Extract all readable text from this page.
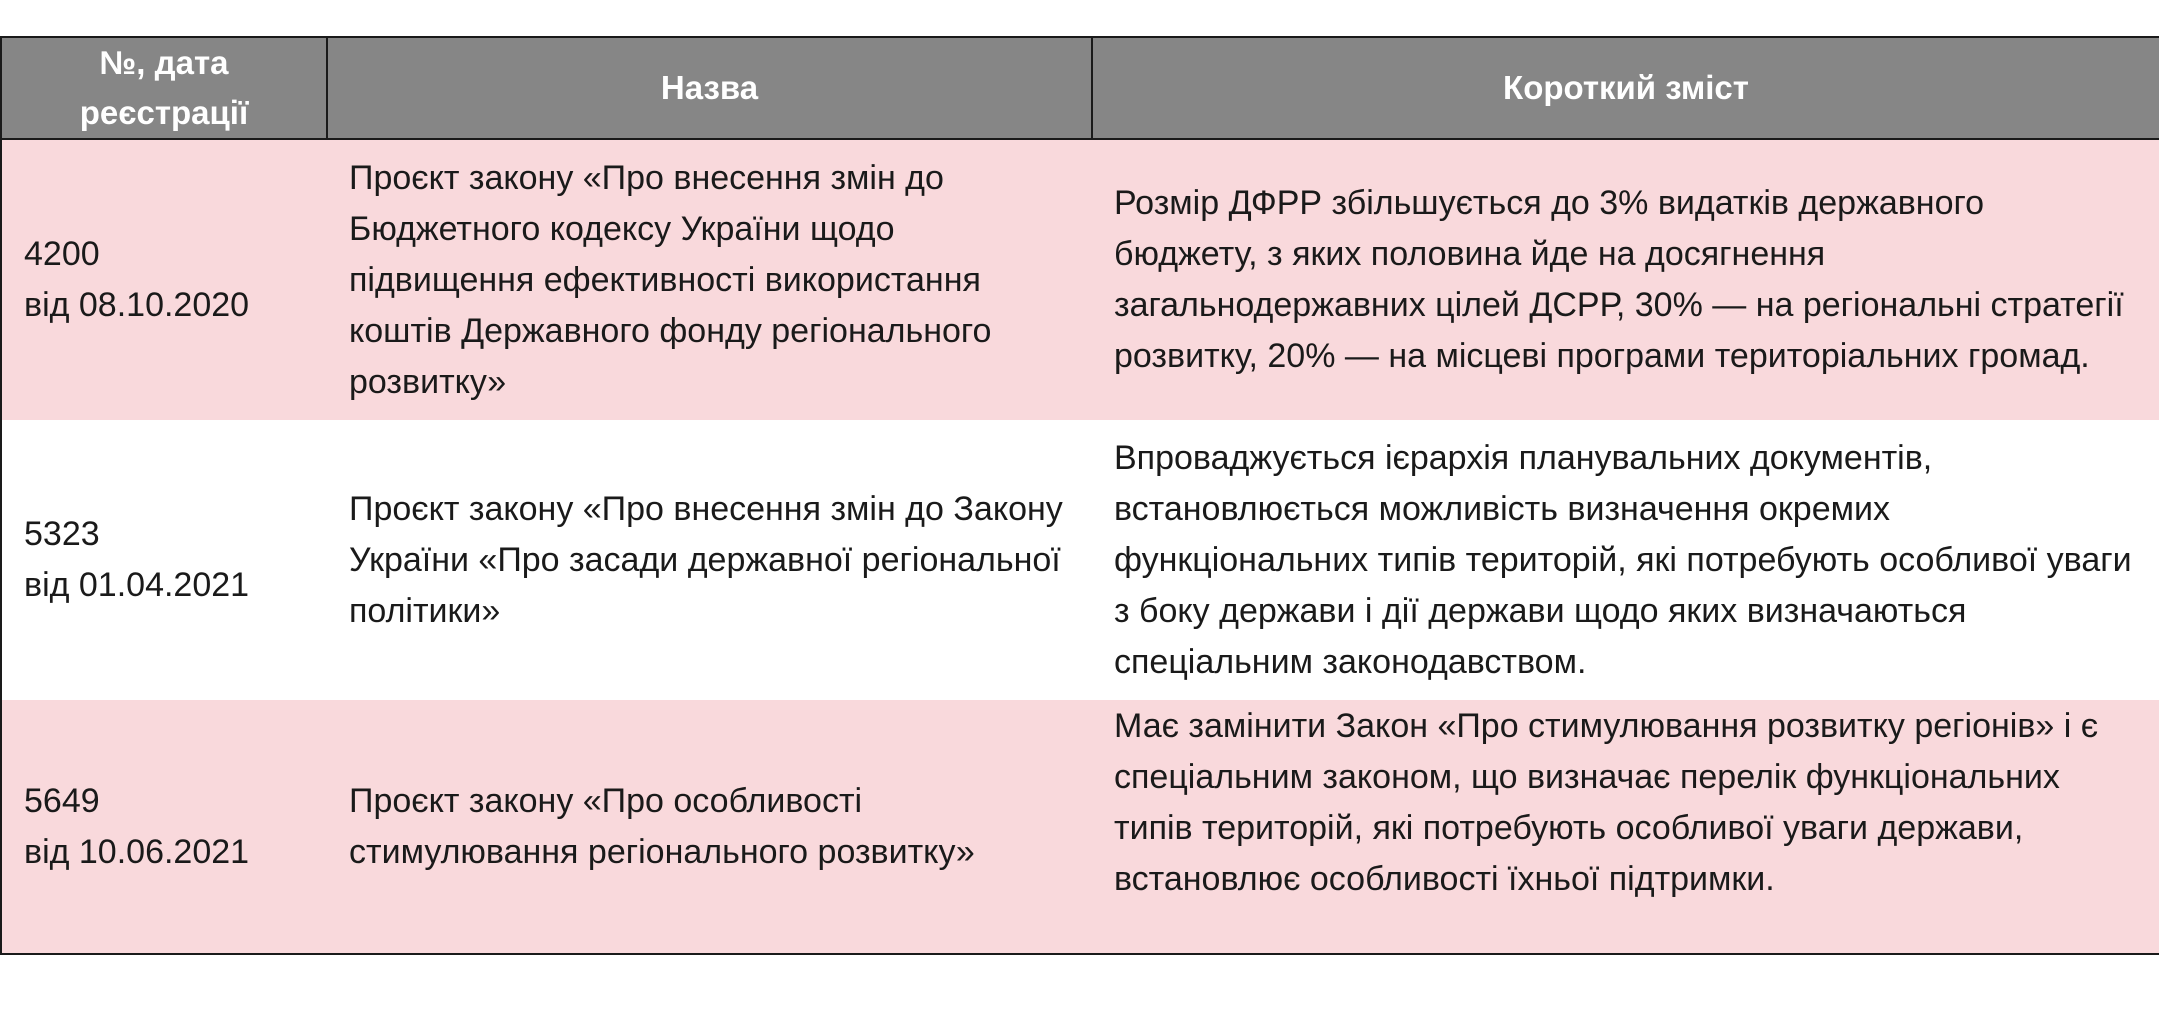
№, дата
реєстрації	Назва	Короткий зміст

4200

від 08.10.2020	Проєкт закону «Про внесення змін до Бюджетного кодексу України щодо підвищення ефективності використання коштів Державного фонду регіонального розвитку»	Розмір ДФРР збільшується до 3% видатків державного бюджету, з яких половина йде на досягнення загальнодержавних цілей ДСРР, 30% — на регіональні стратегії розвитку, 20% — на місцеві програми територіальних громад.

5323

від 01.04.2021	Проєкт закону «Про внесення змін до Закону України «Про засади державної регіональної політики»	Впроваджується ієрархія планувальних документів, встановлюється можливість визначення окремих функціональних типів територій, які потребують особливої уваги з боку держави і дії держави щодо яких визначаються спеціальним законодавством.

5649

від 10.06.2021	Проєкт закону «Про особливості стимулювання регіонального розвитку»	Має замінити Закон «Про стимулювання розвитку регіонів» і є спеціальним законом, що визначає перелік функціональних типів територій, які потребують особливої уваги держави, встановлює особливості їхньої підтримки.
